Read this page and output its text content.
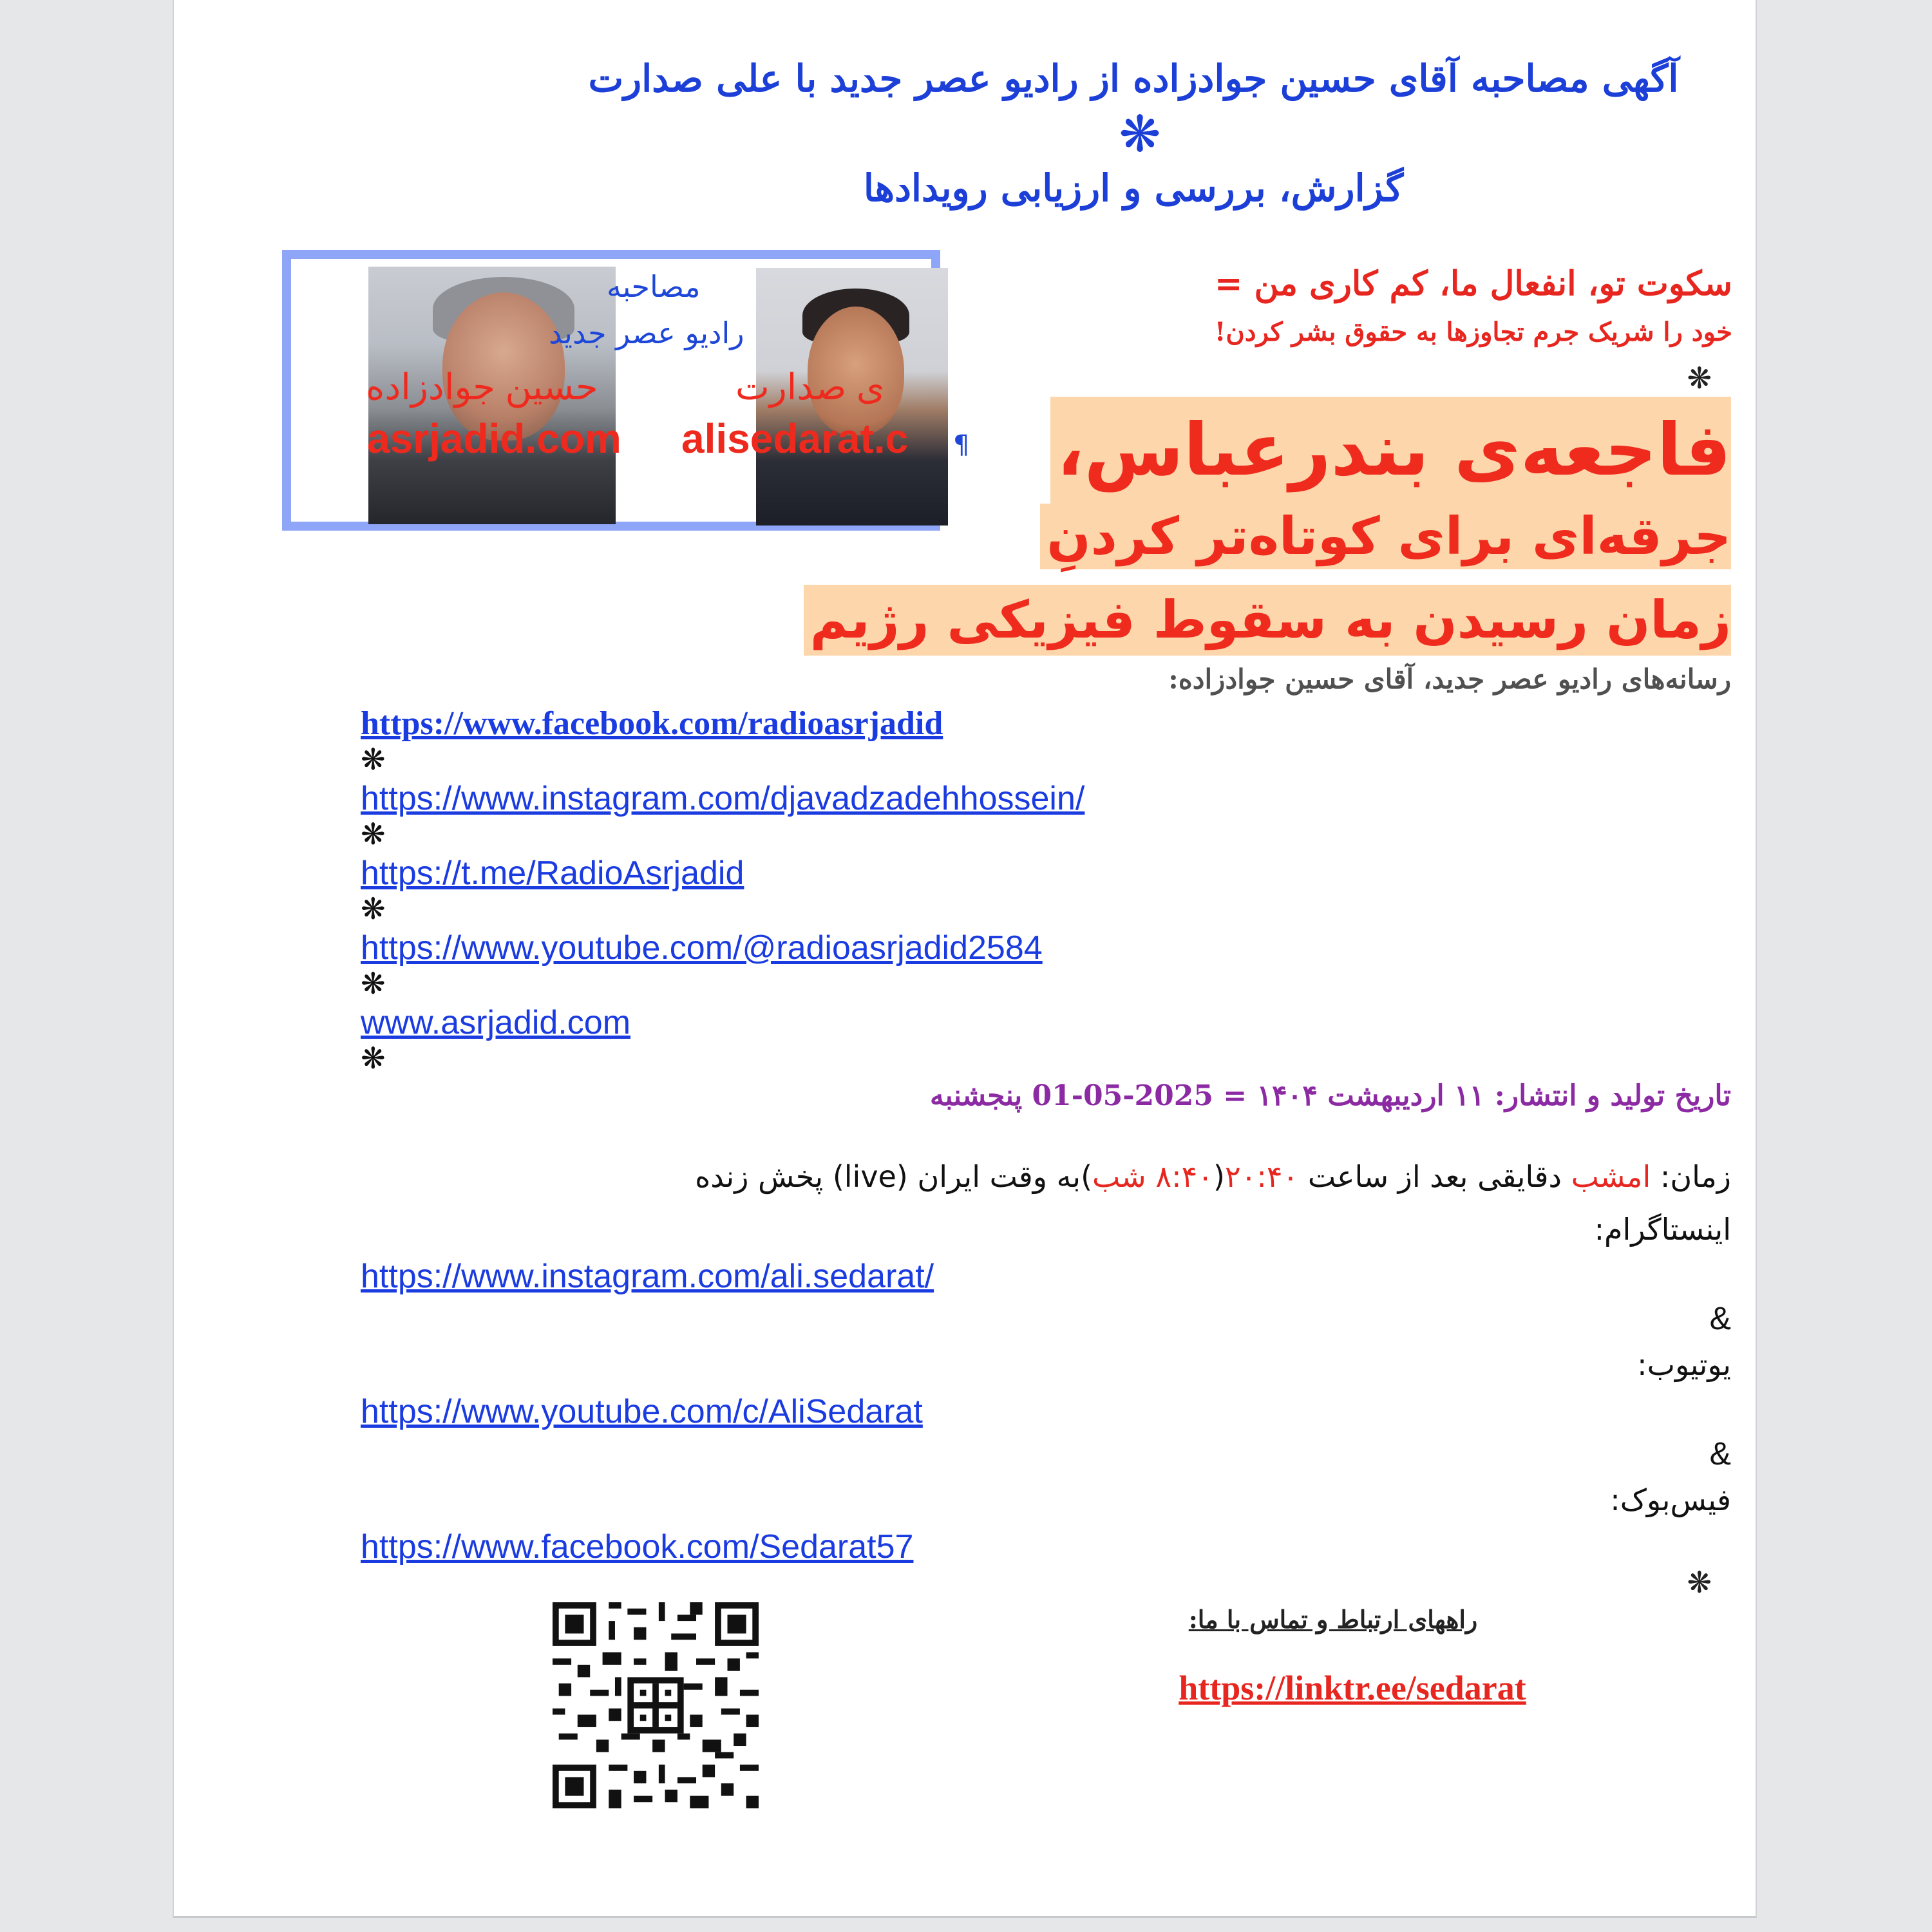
آگهی مصاحبه آقای حسین جوادزاده از رادیو عصر جدید با علی صدارت
❋
گزارش، بررسی و ارزیابی رویدادها
مصاحبه
رادیو عصر جدید
حسین جوادزاده	ی صدارت
asrjadid.com alisedarat.c
سکوت تو، انفعال ما، کم کاری من =
خود را شریک جرم تجاوزها به حقوق بشر کردن!
❋
فاجعه‌ی بندرعباس،
¶
جرقه‌ای برای کوتاه‌تر کردنِ
زمان رسیدن به سقوط فیزیکی رژیم
رسانه‌های رادیو عصر جدید، آقای حسین جوادزاده:
https://www.facebook.com/radioasrjadid
❋
https://www.instagram.com/djavadzadehhossein/
❋
https://t.me/RadioAsrjadid
❋
https://www.youtube.com/@radioasrjadid2584
❋
www.asrjadid.com
❋
تاریخ تولید و انتشار: ۱۱ اردیبهشت ۱۴۰۴ = 2025-05-01 پنجشنبه
زمان: امشب دقایقی بعد از ساعت ۲۰:۴۰(۸:۴۰ شب)به وقت ایران (live) پخش زنده
اینستاگرام:
https://www.instagram.com/ali.sedarat/
&
یوتیوب:
https://www.youtube.com/c/AliSedarat
&
فیس‌بوک:
https://www.facebook.com/Sedarat57
❋
راههای ارتباط و تماس با ما:
https://linktr.ee/sedarat
